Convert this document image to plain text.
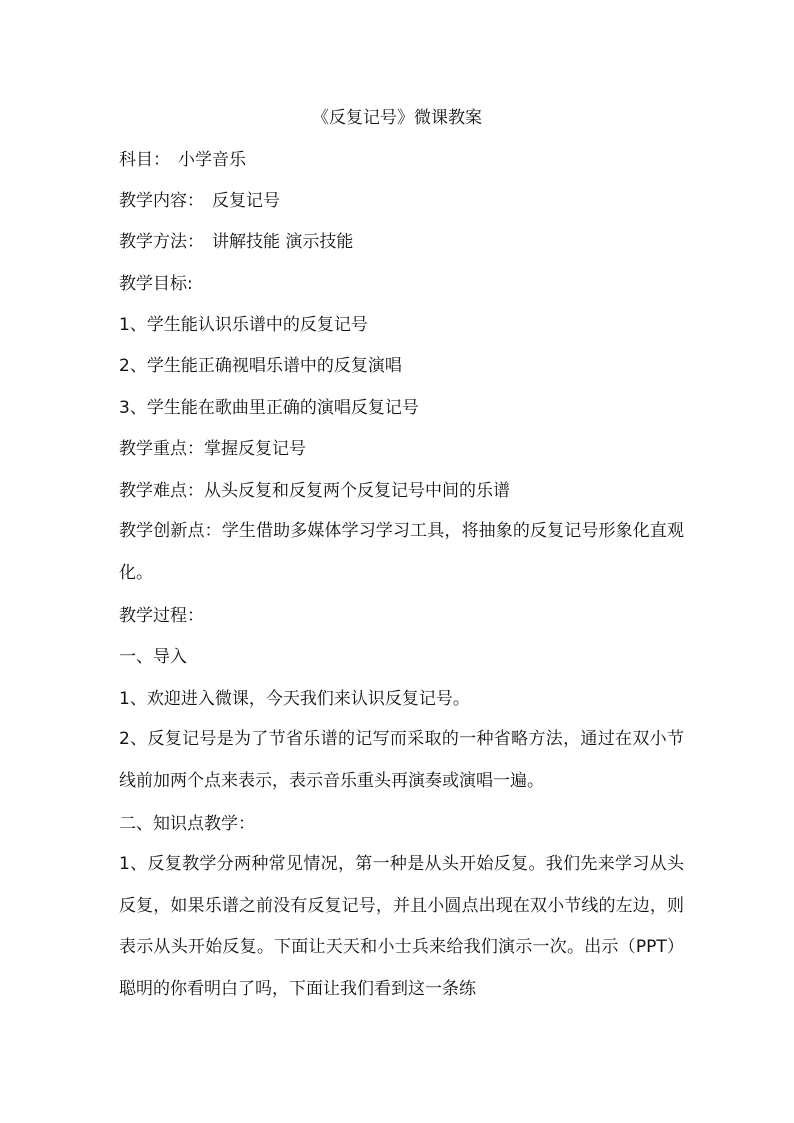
《反复记号》微课教案

科目： 小学音乐

教学内容： 反复记号

教学方法： 讲解技能 演示技能

教学目标:

1、学生能认识乐谱中的反复记号

2、学生能正确视唱乐谱中的反复演唱

3、学生能在歌曲里正确的演唱反复记号

教学重点：掌握反复记号

教学难点：从头反复和反复两个反复记号中间的乐谱

教学创新点：学生借助多媒体学习学习工具，将抽象的反复记号形象化直观化。

教学过程：

一、导入

1、欢迎进入微课，今天我们来认识反复记号。

2、反复记号是为了节省乐谱的记写而采取的一种省略方法，通过在双小节线前加两个点来表示，表示音乐重头再演奏或演唱一遍。

二、知识点教学：

1、反复教学分两种常见情况，第一种是从头开始反复。我们先来学习从头反复，如果乐谱之前没有反复记号，并且小圆点出现在双小节线的左边，则表示从头开始反复。下面让天天和小士兵来给我们演示一次。出示（PPT）聪明的你看明白了吗，下面让我们看到这一条练
